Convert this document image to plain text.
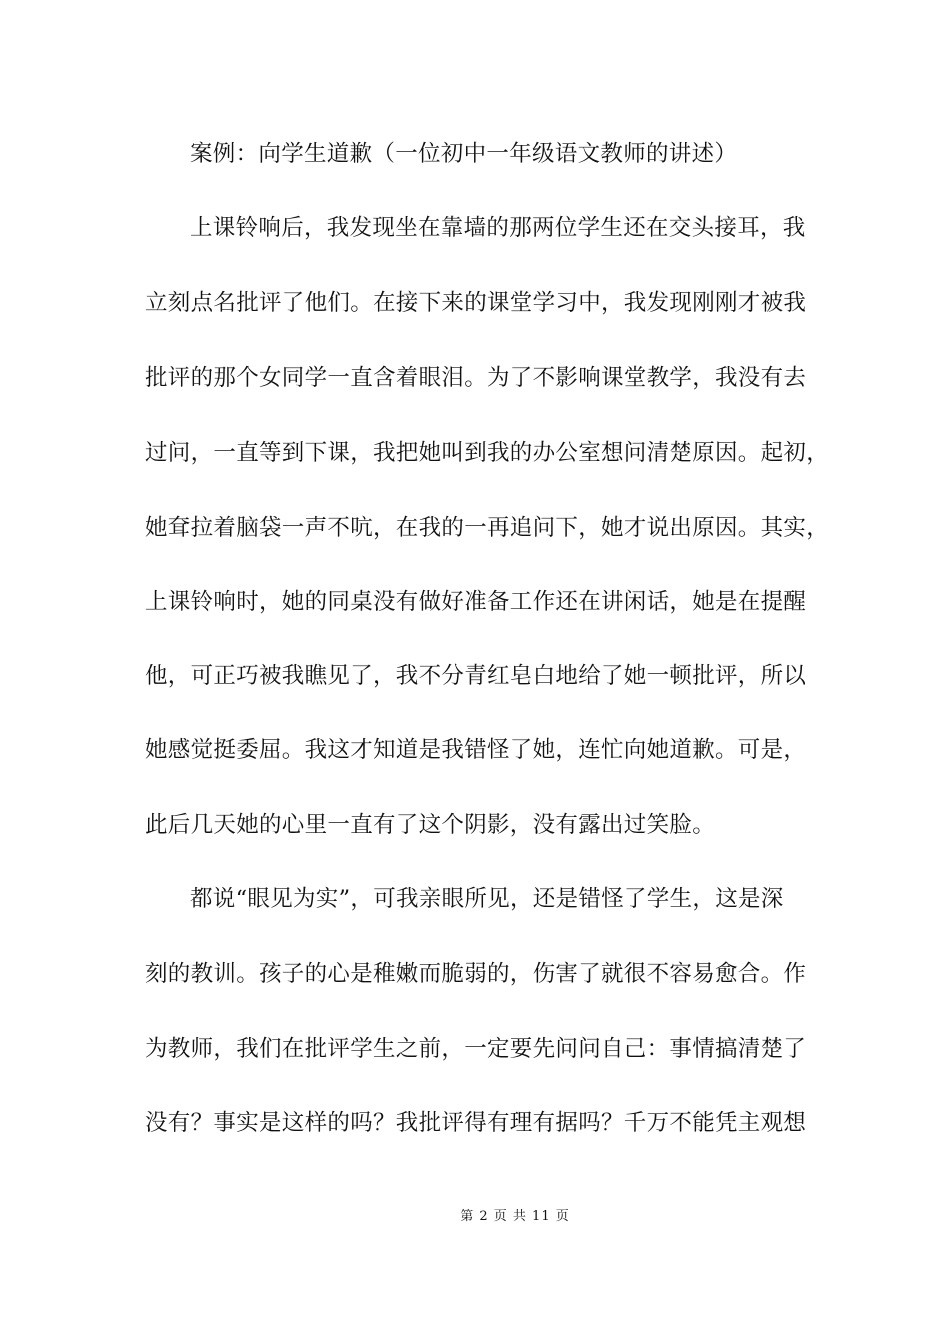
案例：向学生道歉（一位初中一年级语文教师的讲述）
上课铃响后，我发现坐在靠墙的那两位学生还在交头接耳，我
立刻点名批评了他们。在接下来的课堂学习中，我发现刚刚才被我
批评的那个女同学一直含着眼泪。为了不影响课堂教学，我没有去
过问，一直等到下课，我把她叫到我的办公室想问清楚原因。起初，
她耷拉着脑袋一声不吭，在我的一再追问下，她才说出原因。其实，
上课铃响时，她的同桌没有做好准备工作还在讲闲话，她是在提醒
他，可正巧被我瞧见了，我不分青红皂白地给了她一顿批评，所以
她感觉挺委屈。我这才知道是我错怪了她，连忙向她道歉。可是，
此后几天她的心里一直有了这个阴影，没有露出过笑脸。
都说“眼见为实”，可我亲眼所见，还是错怪了学生，这是深
刻的教训。孩子的心是稚嫩而脆弱的，伤害了就很不容易愈合。作
为教师，我们在批评学生之前，一定要先问问自己：事情搞清楚了
没有？事实是这样的吗？我批评得有理有据吗？千万不能凭主观想
第 2 页 共 11 页
